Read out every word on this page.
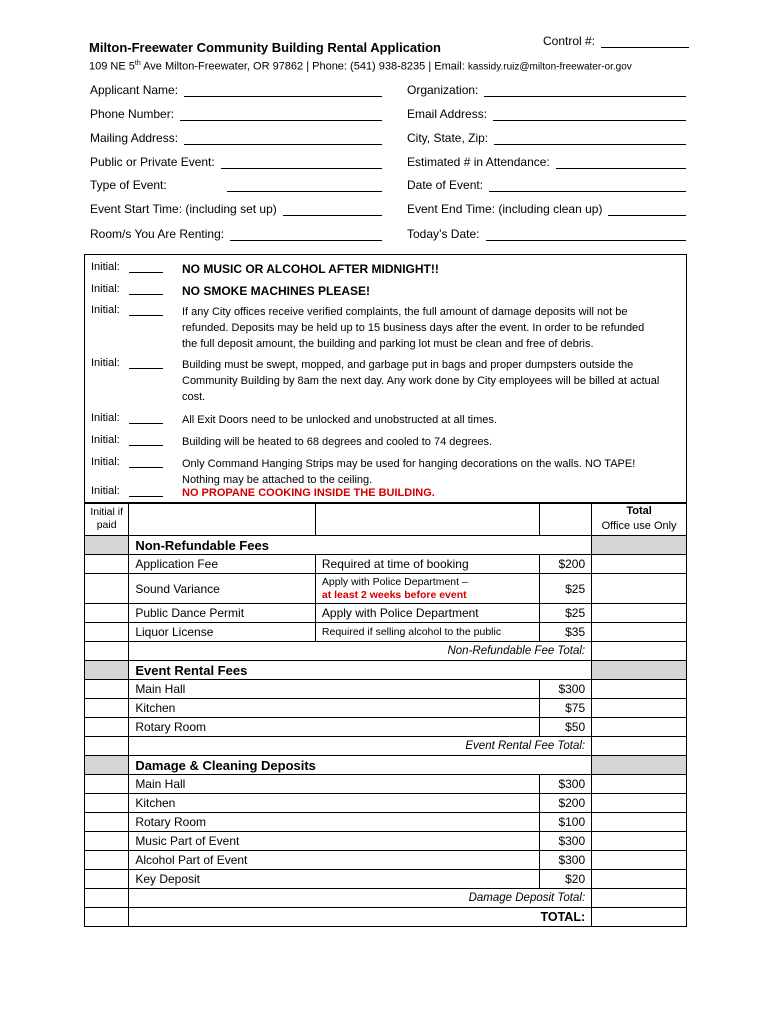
Milton-Freewater Community Building Rental Application	Control #:
109 NE 5th Ave Milton-Freewater, OR 97862 | Phone: (541) 938-8235 | Email: kassidy.ruiz@milton-freewater-or.gov
Applicant Name:	Organization:
Phone Number:	Email Address:
Mailing Address:	City, State, Zip:
Public or Private Event:	Estimated # in Attendance:
Type of Event:	Date of Event:
Event Start Time: (including set up)	Event End Time: (including clean up)
Room/s You Are Renting:	Today’s Date:
Initial:	NO MUSIC OR ALCOHOL AFTER MIDNIGHT!!
Initial:	NO SMOKE MACHINES PLEASE!
Initial:	If any City offices receive verified complaints, the full amount of damage deposits will not be refunded. Deposits may be held up to 15 business days after the event. In order to be refunded the full deposit amount, the building and parking lot must be clean and free of debris.
Initial:	Building must be swept, mopped, and garbage put in bags and proper dumpsters outside the Community Building by 8am the next day. Any work done by City employees will be billed at actual cost.
Initial:	All Exit Doors need to be unlocked and unobstructed at all times.
Initial:	Building will be heated to 68 degrees and cooled to 74 degrees.
Initial:	Only Command Hanging Strips may be used for hanging decorations on the walls. NO TAPE! Nothing may be attached to the ceiling.
Initial:	NO PROPANE COOKING INSIDE THE BUILDING.
Initial if paid				Total
Office use Only
	Non-Refundable Fees			
	Application Fee	Required at time of booking	$200	
	Sound Variance	Apply with Police Department –
at least 2 weeks before event	$25	
	Public Dance Permit	Apply with Police Department	$25	
	Liquor License	Required if selling alcohol to the public	$35	
	Non-Refundable Fee Total:			
	Event Rental Fees			
	Main Hall		$300	
	Kitchen		$75	
	Rotary Room		$50	
	Event Rental Fee Total:			
	Damage & Cleaning Deposits			
	Main Hall		$300	
	Kitchen		$200	
	Rotary Room		$100	
	Music Part of Event		$300	
	Alcohol Part of Event		$300	
	Key Deposit		$20	
	Damage Deposit Total:			
	TOTAL:			
